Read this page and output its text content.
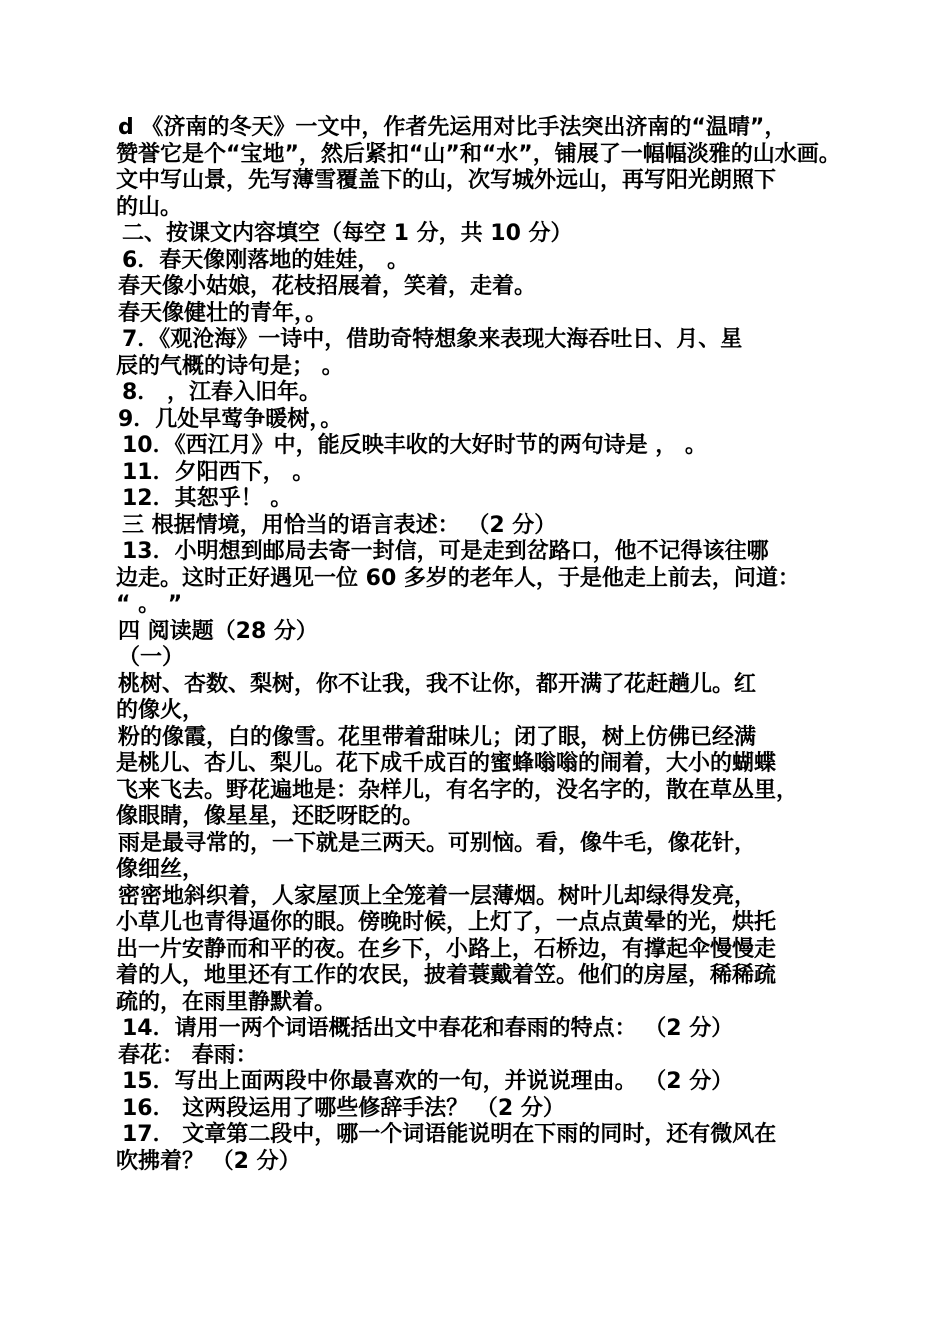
d 《济南的冬天》一文中，作者先运用对比手法突出济南的“温晴”，
赞誉它是个“宝地”，然后紧扣“山”和“水”，铺展了一幅幅淡雅的山水画。
文中写山景，先写薄雪覆盖下的山，次写城外远山，再写阳光朗照下
的山。
二、按课文内容填空（每空 1 分，共 10 分）
6．春天像刚落地的娃娃， 。
春天像小姑娘，花枝招展着，笑着，走着。
春天像健壮的青年，。
7．《观沧海》一诗中，借助奇特想象来表现大海吞吐日、月、星
辰的气概的诗句是； 。
8． ，江春入旧年。
9．几处早莺争暖树，。
10．《西江月》中，能反映丰收的大好时节的两句诗是 ， 。
11．夕阳西下， 。
12．其恕乎！ 。
三 根据情境，用恰当的语言表述： （2 分）
13．小明想到邮局去寄一封信，可是走到岔路口，他不记得该往哪
边走。这时正好遇见一位 60 多岁的老年人，于是他走上前去，问道：
“ 。 ”
四 阅读题（28 分）
（一）
桃树、杏数、梨树，你不让我，我不让你，都开满了花赶趟儿。红
的像火，
粉的像霞，白的像雪。花里带着甜味儿；闭了眼，树上仿佛已经满
是桃儿、杏儿、梨儿。花下成千成百的蜜蜂嗡嗡的闹着，大小的蝴蝶
飞来飞去。野花遍地是：杂样儿，有名字的，没名字的，散在草丛里，
像眼睛，像星星，还眨呀眨的。
雨是最寻常的，一下就是三两天。可别恼。看，像牛毛，像花针，
像细丝，
密密地斜织着，人家屋顶上全笼着一层薄烟。树叶儿却绿得发亮，
小草儿也青得逼你的眼。傍晚时候，上灯了，一点点黄晕的光，烘托
出一片安静而和平的夜。在乡下，小路上，石桥边，有撑起伞慢慢走
着的人，地里还有工作的农民，披着蓑戴着笠。他们的房屋，稀稀疏
疏的，在雨里静默着。
14．请用一两个词语概括出文中春花和春雨的特点： （2 分）
春花： 春雨：
15．写出上面两段中你最喜欢的一句，并说说理由。 （2 分）
16． 这两段运用了哪些修辞手法？ （2 分）
17． 文章第二段中，哪一个词语能说明在下雨的同时，还有微风在
吹拂着？ （2 分）
